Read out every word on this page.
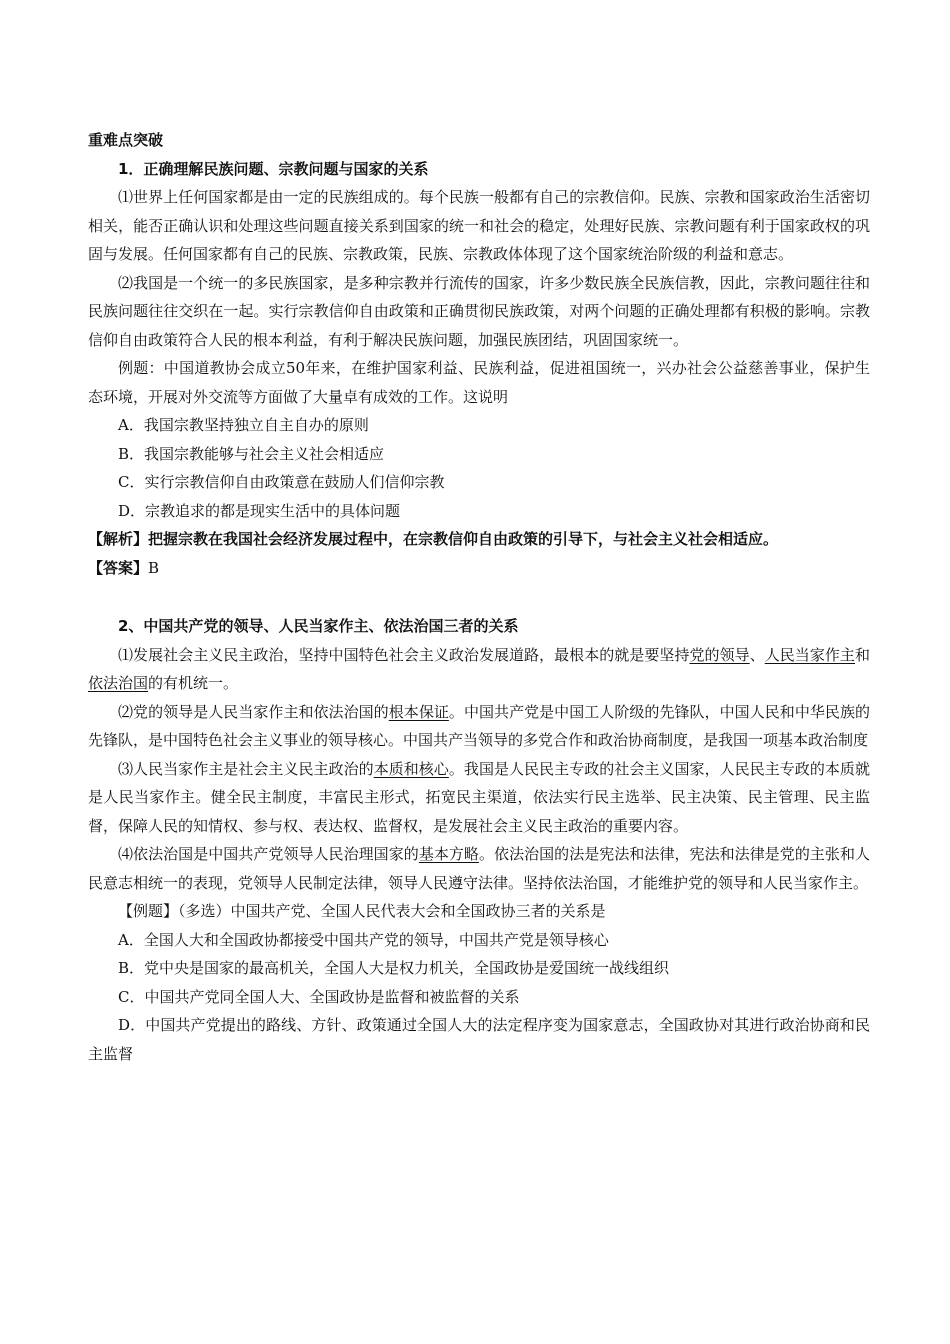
重难点突破
1．正确理解民族问题、宗教问题与国家的关系
⑴世界上任何国家都是由一定的民族组成的。每个民族一般都有自己的宗教信仰。民族、宗教和国家政治生活密切相关，能否正确认识和处理这些问题直接关系到国家的统一和社会的稳定，处理好民族、宗教问题有利于国家政权的巩固与发展。任何国家都有自己的民族、宗教政策，民族、宗教政体体现了这个国家统治阶级的利益和意志。
⑵我国是一个统一的多民族国家，是多种宗教并行流传的国家，许多少数民族全民族信教，因此，宗教问题往往和民族问题往往交织在一起。实行宗教信仰自由政策和正确贯彻民族政策，对两个问题的正确处理都有积极的影响。宗教信仰自由政策符合人民的根本利益，有利于解决民族问题，加强民族团结，巩固国家统一。
例题：中国道教协会成立50年来，在维护国家利益、民族利益，促进祖国统一，兴办社会公益慈善事业，保护生态环境，开展对外交流等方面做了大量卓有成效的工作。这说明
A．我国宗教坚持独立自主自办的原则
B．我国宗教能够与社会主义社会相适应
C．实行宗教信仰自由政策意在鼓励人们信仰宗教
D．宗教追求的都是现实生活中的具体问题
【解析】把握宗教在我国社会经济发展过程中，在宗教信仰自由政策的引导下，与社会主义社会相适应。
【答案】B
2、中国共产党的领导、人民当家作主、依法治国三者的关系
⑴发展社会主义民主政治，坚持中国特色社会主义政治发展道路，最根本的就是要坚持党的领导、人民当家作主和依法治国的有机统一。
⑵党的领导是人民当家作主和依法治国的根本保证。中国共产党是中国工人阶级的先锋队，中国人民和中华民族的先锋队，是中国特色社会主义事业的领导核心。中国共产当领导的多党合作和政治协商制度，是我国一项基本政治制度
⑶人民当家作主是社会主义民主政治的本质和核心。我国是人民民主专政的社会主义国家，人民民主专政的本质就是人民当家作主。健全民主制度，丰富民主形式，拓宽民主渠道，依法实行民主选举、民主决策、民主管理、民主监督，保障人民的知情权、参与权、表达权、监督权，是发展社会主义民主政治的重要内容。
⑷依法治国是中国共产党领导人民治理国家的基本方略。依法治国的法是宪法和法律，宪法和法律是党的主张和人民意志相统一的表现，党领导人民制定法律，领导人民遵守法律。坚持依法治国，才能维护党的领导和人民当家作主。
【例题】（多选）中国共产党、全国人民代表大会和全国政协三者的关系是
A．全国人大和全国政协都接受中国共产党的领导，中国共产党是领导核心
B．党中央是国家的最高机关，全国人大是权力机关，全国政协是爱国统一战线组织
C．中国共产党同全国人大、全国政协是监督和被监督的关系
D．中国共产党提出的路线、方针、政策通过全国人大的法定程序变为国家意志，全国政协对其进行政治协商和民主监督
